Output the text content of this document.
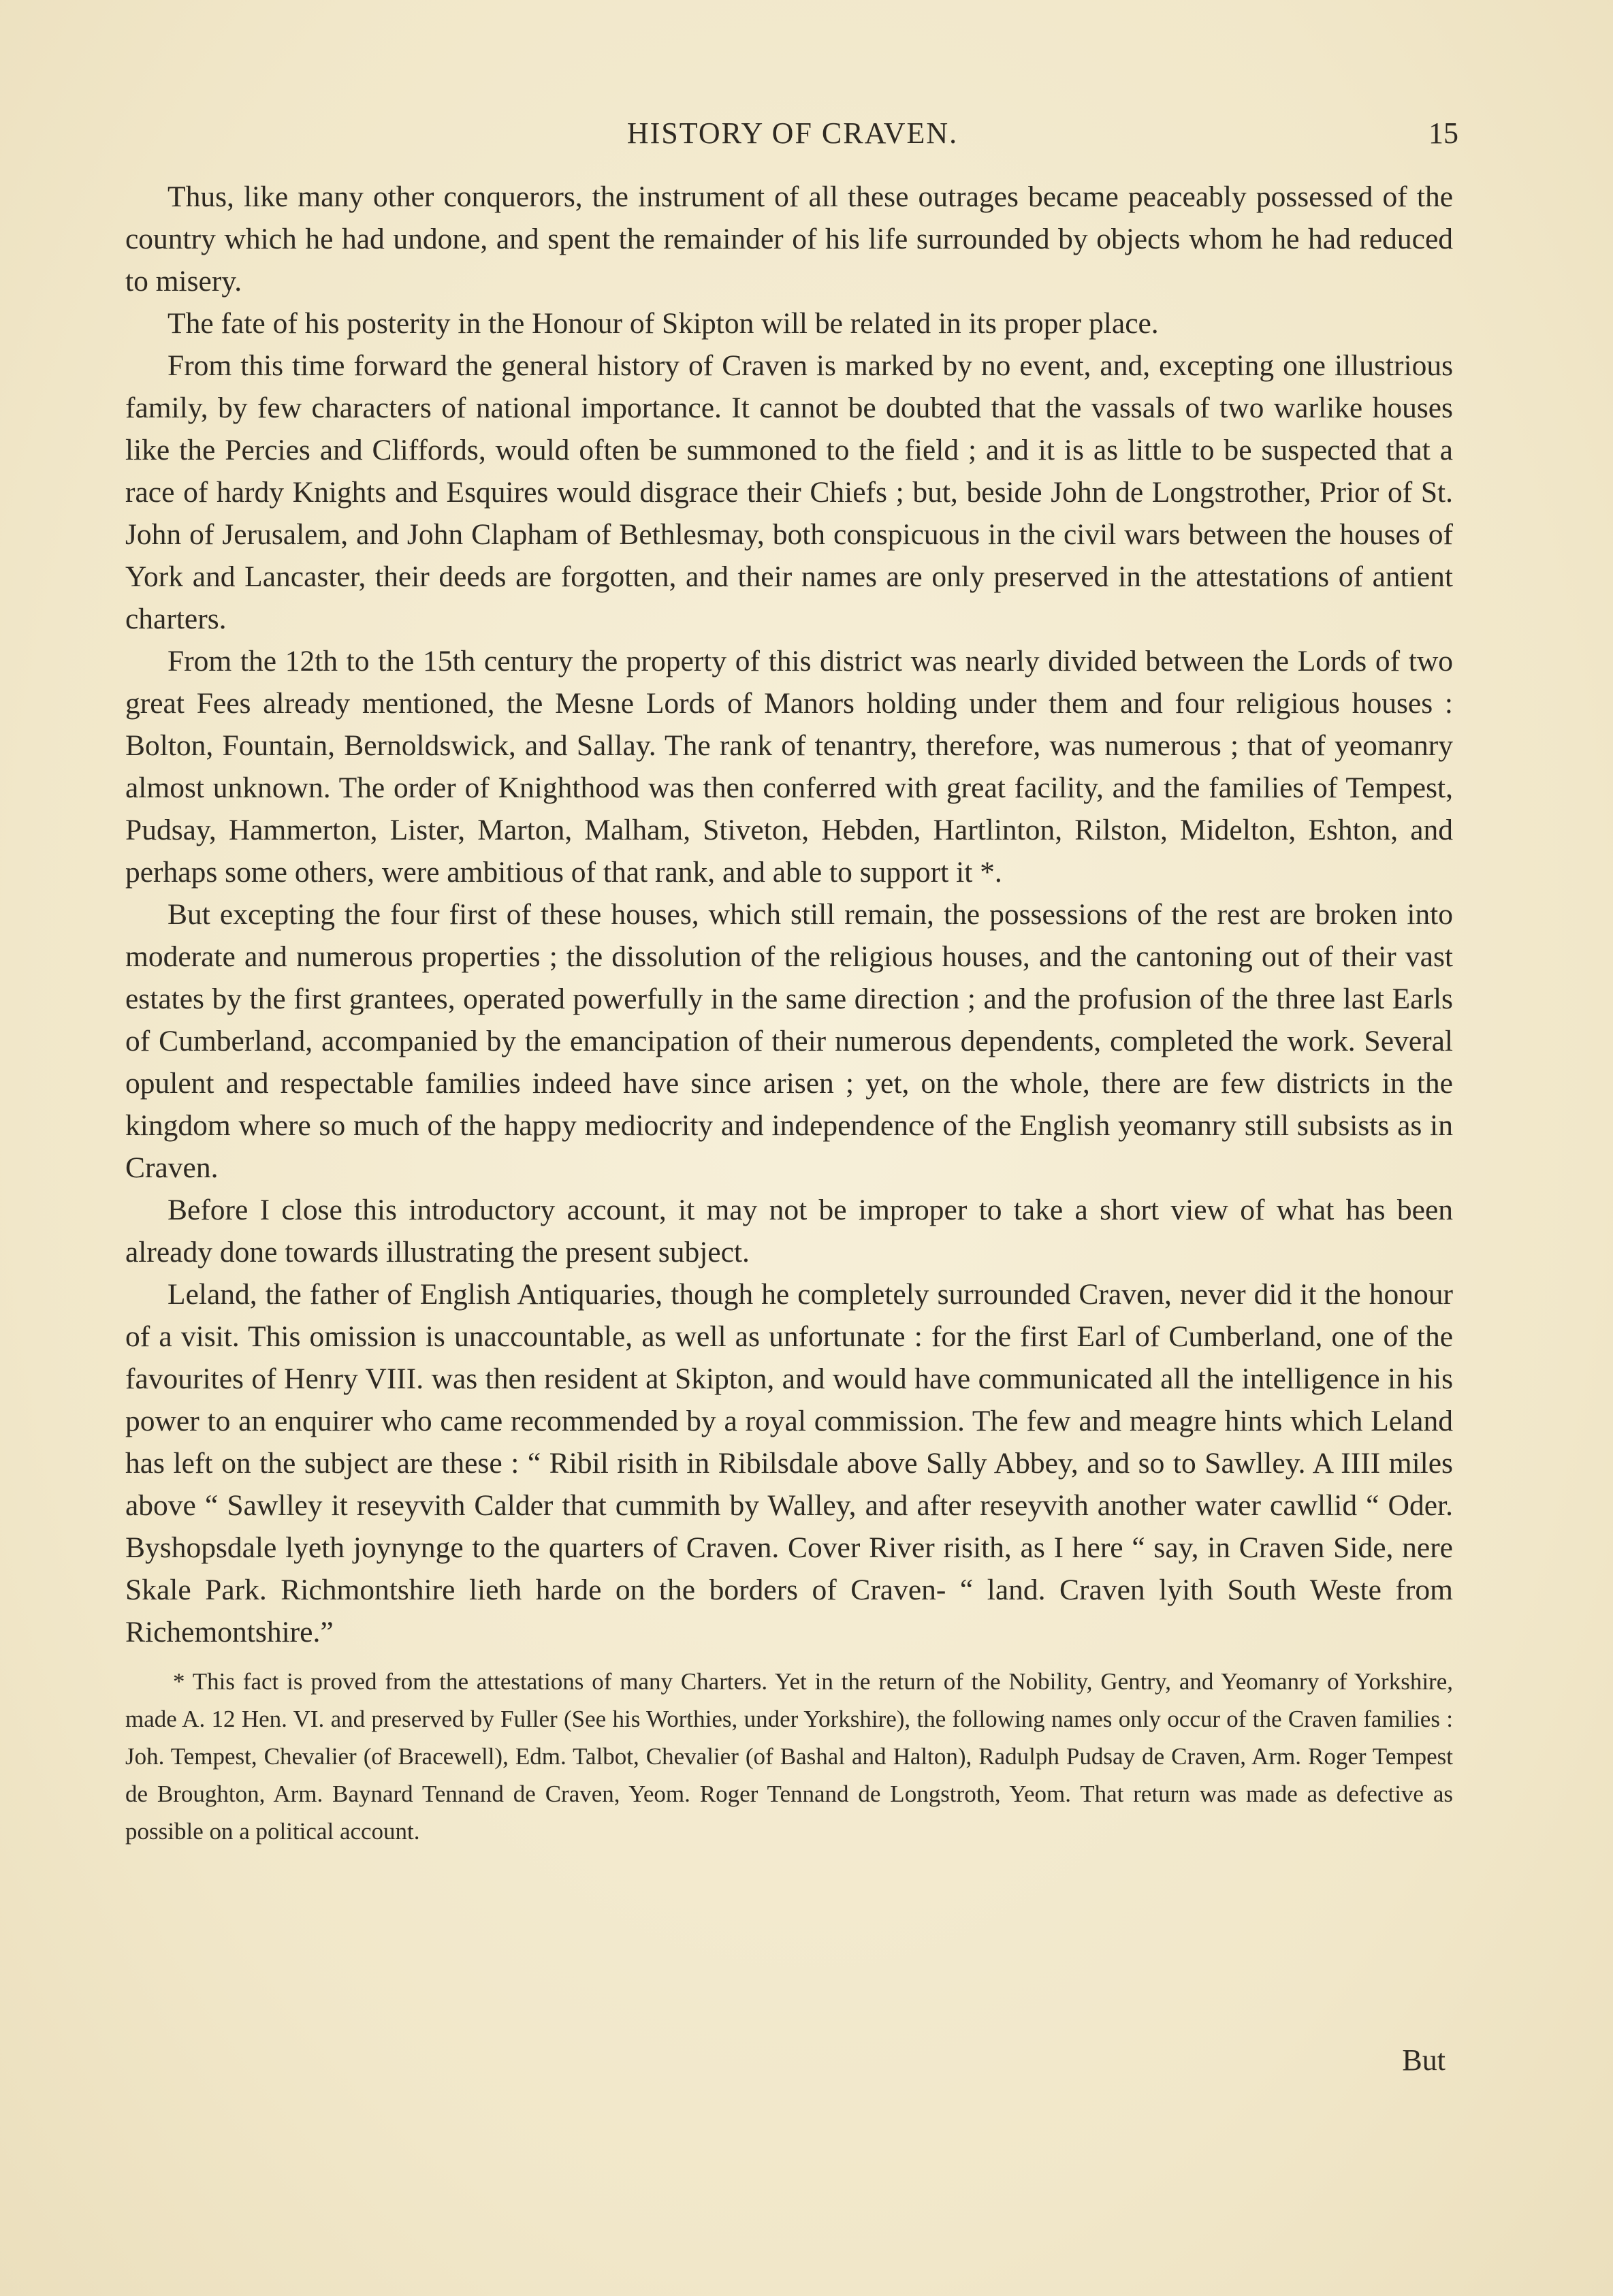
HISTORY OF CRAVEN.	15

Thus, like many other conquerors, the instrument of all these outrages became peaceably possessed of the country which he had undone, and spent the remainder of his life surrounded by objects whom he had reduced to misery.

The fate of his posterity in the Honour of Skipton will be related in its proper place.

From this time forward the general history of Craven is marked by no event, and, excepting one illustrious family, by few characters of national importance. It cannot be doubted that the vassals of two warlike houses like the Percies and Cliffords, would often be summoned to the field ; and it is as little to be suspected that a race of hardy Knights and Esquires would disgrace their Chiefs ; but, beside John de Longstrother, Prior of St. John of Jerusalem, and John Clapham of Bethlesmay, both conspicuous in the civil wars between the houses of York and Lancaster, their deeds are forgotten, and their names are only preserved in the attestations of antient charters.

From the 12th to the 15th century the property of this district was nearly divided between the Lords of two great Fees already mentioned, the Mesne Lords of Manors holding under them and four religious houses : Bolton, Fountain, Bernoldswick, and Sallay. The rank of tenantry, therefore, was numerous ; that of yeomanry almost unknown. The order of Knighthood was then conferred with great facility, and the families of Tempest, Pudsay, Hammerton, Lister, Marton, Malham, Stiveton, Hebden, Hartlinton, Rilston, Midelton, Eshton, and perhaps some others, were ambitious of that rank, and able to support it *.

But excepting the four first of these houses, which still remain, the possessions of the rest are broken into moderate and numerous properties ; the dissolution of the religious houses, and the cantoning out of their vast estates by the first grantees, operated powerfully in the same direction ; and the profusion of the three last Earls of Cumberland, accompanied by the emancipation of their numerous dependents, completed the work. Several opulent and respectable families indeed have since arisen ; yet, on the whole, there are few districts in the kingdom where so much of the happy mediocrity and independence of the English yeomanry still subsists as in Craven.

Before I close this introductory account, it may not be improper to take a short view of what has been already done towards illustrating the present subject.

Leland, the father of English Antiquaries, though he completely surrounded Craven, never did it the honour of a visit. This omission is unaccountable, as well as unfortunate : for the first Earl of Cumberland, one of the favourites of Henry VIII. was then resident at Skipton, and would have communicated all the intelligence in his power to an enquirer who came recommended by a royal commission. The few and meagre hints which Leland has left on the subject are these : “ Ribil risith in Ribilsdale above Sally Abbey, and so to Sawlley. A IIII miles above “ Sawlley it reseyvith Calder that cummith by Walley, and after reseyvith another water cawllid “ Oder. Byshopsdale lyeth joynynge to the quarters of Craven. Cover River risith, as I here “ say, in Craven Side, nere Skale Park. Richmontshire lieth harde on the borders of Craven- “ land. Craven lyith South Weste from Richemontshire.”

* This fact is proved from the attestations of many Charters. Yet in the return of the Nobility, Gentry, and Yeomanry of Yorkshire, made A. 12 Hen. VI. and preserved by Fuller (See his Worthies, under Yorkshire), the following names only occur of the Craven families : Joh. Tempest, Chevalier (of Bracewell), Edm. Talbot, Chevalier (of Bashal and Halton), Radulph Pudsay de Craven, Arm. Roger Tempest de Broughton, Arm. Baynard Tennand de Craven, Yeom. Roger Tennand de Longstroth, Yeom. That return was made as defective as possible on a political account.

But
